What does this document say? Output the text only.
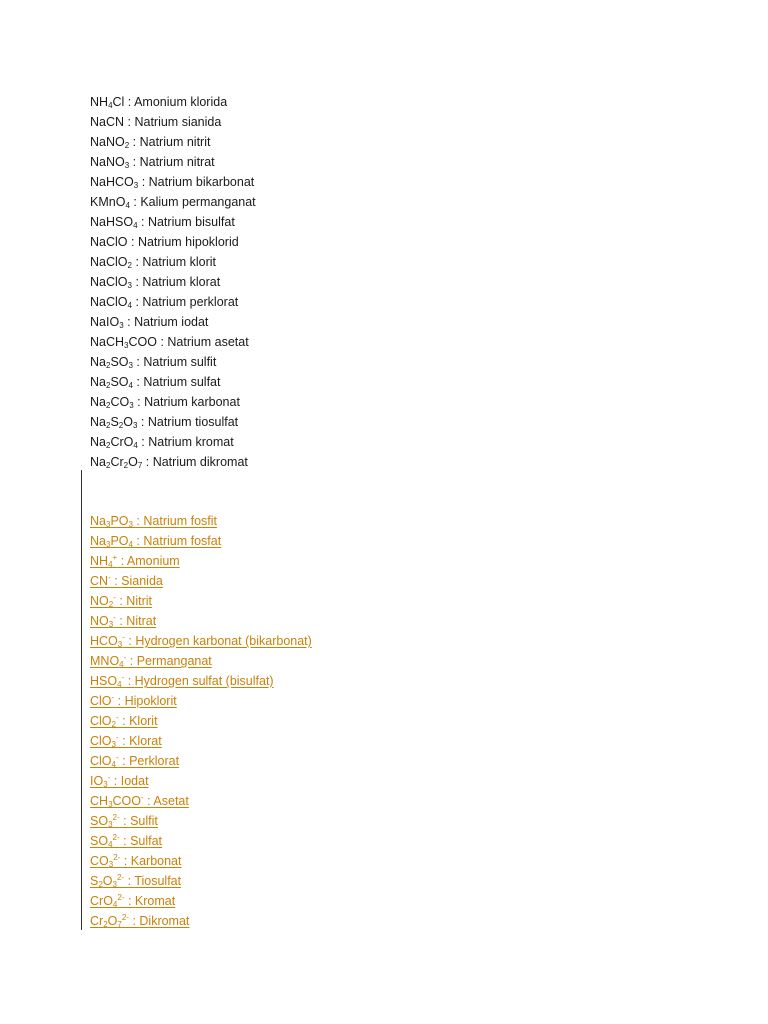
$NH_4Cl$ : Amonium klorida
NaCN : Natrium sianida
NaNO$_2$ : Natrium nitrit
NaNO$_3$ : Natrium nitrat
NaHCO$_3$ : Natrium bikarbonat
KMnO$_4$ : Kalium permanganat
NaHSO$_4$ : Natrium bisulfat
NaClO : Natrium hipoklorid
NaClO$_2$ : Natrium klorit
NaClO$_3$ : Natrium klorat
NaClO$_4$ : Natrium perklorat
NaIO$_3$ : Natrium iodat
NaCH$_3$COO : Natrium asetat
$Na_2SO_3$ : Natrium sulfit
$Na_2SO_4$ : Natrium sulfat
$Na_2CO_3$ : Natrium karbonat
$Na_2S_2O_3$ : Natrium tiosulfat
$Na_2CrO_4$ : Natrium kromat
$Na_2Cr_2O_7$ : Natrium dikromat
$Na_3PO_3$ : Natrium fosfit
$Na_3PO_4$ : Natrium fosfat
$NH_4^+$ : Amonium
CN- : Sianida
$NO_2^-$ : Nitrit
$NO_3^-$ : Nitrat
$HCO_3^-$ : Hydrogen karbonat (bikarbonat)
$MNO_4^-$ : Permanganat
$HSO_4^-$ : Hydrogen sulfat (bisulfat)
ClO- : Hipoklorit
ClO$_2$- : Klorit
ClO$_3$- : Klorat
ClO$_4$- : Perklorat
$IO_3^-$ : Iodat
$CH_3COO^-$ : Asetat
$SO_3^{2-}$ : Sulfit
$SO_4^{2-}$ : Sulfat
$CO_3^{2-}$ : Karbonat
$S_2O_3^{2-}$ : Tiosulfat
CrO$_4^{2-}$ : Kromat
$Cr_2O_7^{2-}$ : Dikromat
